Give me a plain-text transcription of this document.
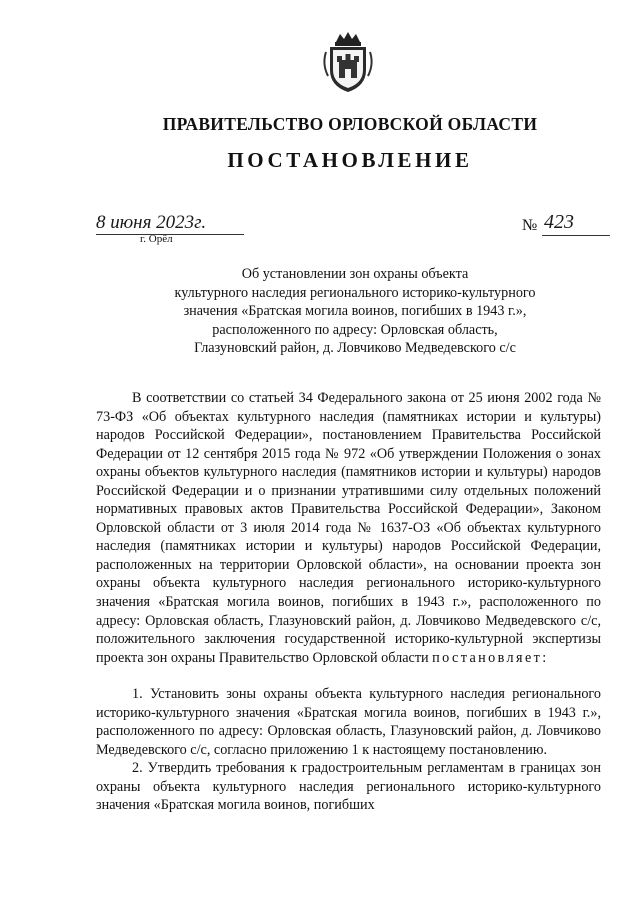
ПРАВИТЕЛЬСТВО ОРЛОВСКОЙ ОБЛАСТИ
ПОСТАНОВЛЕНИЕ
8 июня 2023г.
г. Орёл
№ 423
Об установлении зон охраны объекта
культурного наследия регионального историко-культурного
значения «Братская могила воинов, погибших в 1943 г.»,
расположенного по адресу: Орловская область,
Глазуновский район, д. Ловчиково Медведевского с/с

В соответствии со статьей 34 Федерального закона от 25 июня 2002 года № 73-ФЗ «Об объектах культурного наследия (памятниках истории и культуры) народов Российской Федерации», постановлением Правительства Российской Федерации от 12 сентября 2015 года № 972 «Об утверждении Положения о зонах охраны объектов культурного наследия (памятников истории и культуры) народов Российской Федерации и о признании утратившими силу отдельных положений нормативных правовых актов Правительства Российской Федерации», Законом Орловской области от 3 июля 2014 года № 1637-ОЗ «Об объектах культурного наследия (памятниках истории и культуры) народов Российской Федерации, расположенных на территории Орловской области», на основании проекта зон охраны объекта культурного наследия регионального историко-культурного значения «Братская могила воинов, погибших в 1943 г.», расположенного по адресу: Орловская область, Глазуновский район, д. Ловчиково Медведевского с/с, положительного заключения государственной историко-культурной экспертизы проекта зон охраны Правительство Орловской области постановляет:

1. Установить зоны охраны объекта культурного наследия регионального историко-культурного значения «Братская могила воинов, погибших в 1943 г.», расположенного по адресу: Орловская область, Глазуновский район, д. Ловчиково Медведевского с/с, согласно приложению 1 к настоящему постановлению.

2. Утвердить требования к градостроительным регламентам в границах зон охраны объекта культурного наследия регионального историко-культурного значения «Братская могила воинов, погибших
